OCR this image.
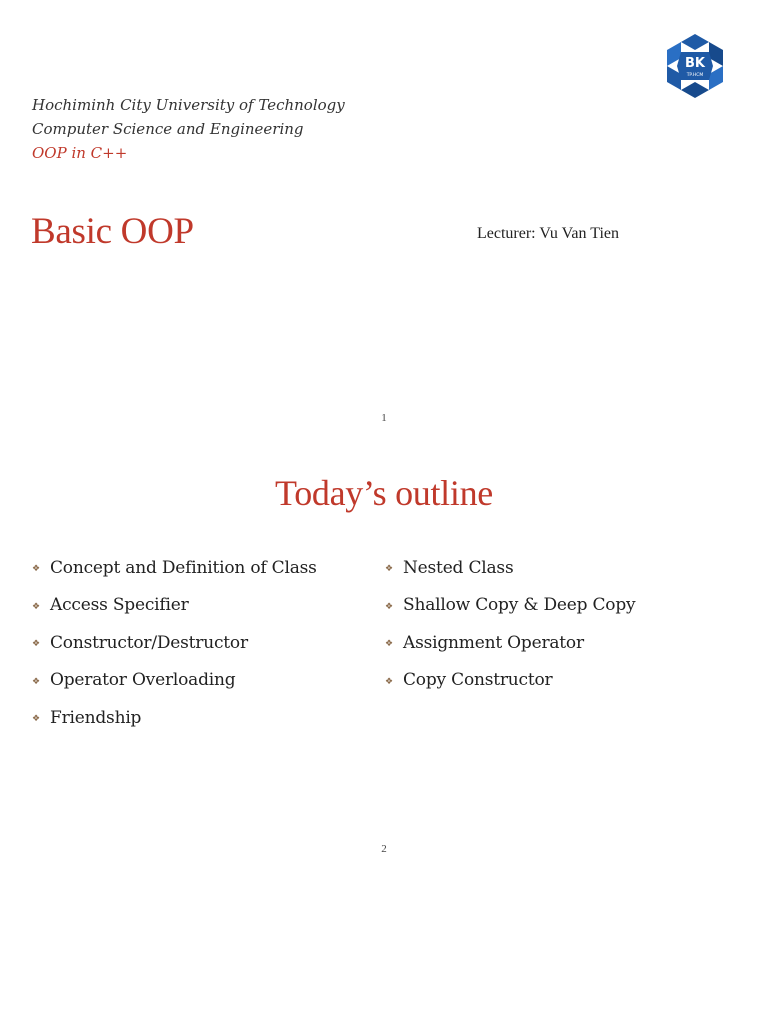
BK
TP.HCM
Hochiminh City University of Technology
Computer Science and Engineering
OOP in C++
Basic OOP	Lecturer: Vu Van Tien
1
Today’s outline
❖ Concept and Definition of Class
❖ Access Specifier
❖ Constructor/Destructor
❖ Operator Overloading
❖ Friendship
❖ Nested Class
❖ Shallow Copy & Deep Copy
❖ Assignment Operator
❖ Copy Constructor
2
